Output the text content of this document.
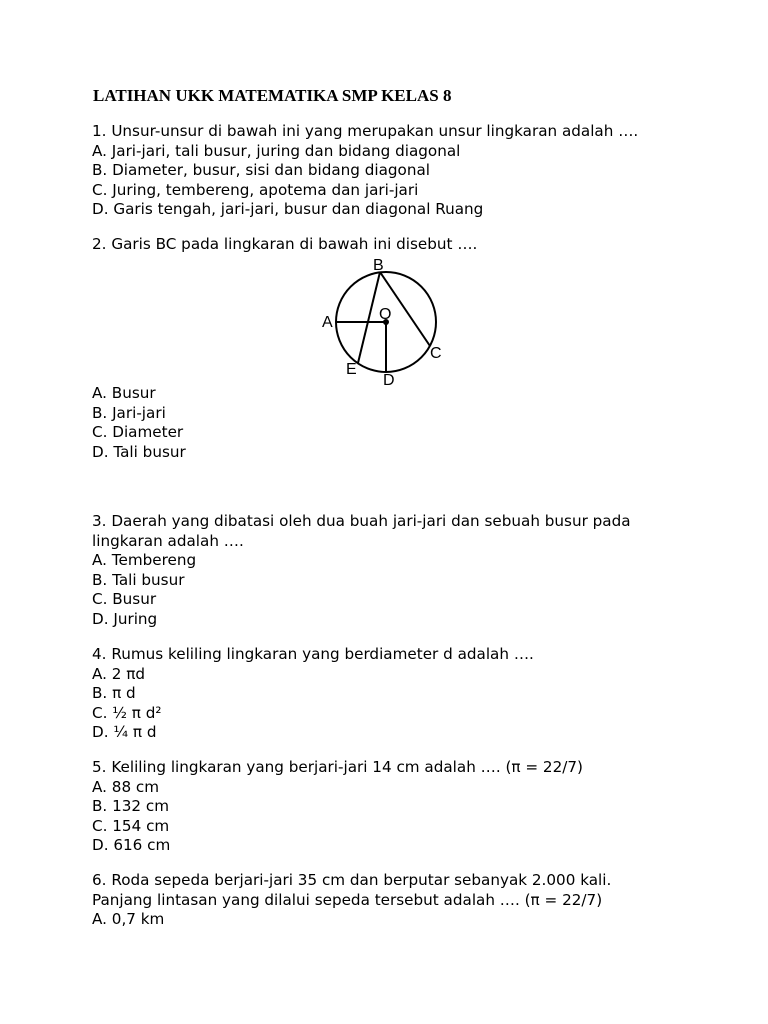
LATIHAN UKK MATEMATIKA SMP KELAS 8
1. Unsur-unsur di bawah ini yang merupakan unsur lingkaran adalah ….
A. Jari-jari, tali busur, juring dan bidang diagonal
B. Diameter, busur, sisi dan bidang diagonal
C. Juring, tembereng, apotema dan jari-jari
D. Garis tengah, jari-jari, busur dan diagonal Ruang
2. Garis BC pada lingkaran di bawah ini disebut ….
B
A	O
C
E
D
A. Busur
B. Jari-jari
C. Diameter
D. Tali busur
3. Daerah yang dibatasi oleh dua buah jari-jari dan sebuah busur pada
lingkaran adalah ….
A. Tembereng
B. Tali busur
C. Busur
D. Juring
4. Rumus keliling lingkaran yang berdiameter d adalah ….
A. 2 πd
B. π d
C. ½ π d²
D. ¼ π d
5. Keliling lingkaran yang berjari-jari 14 cm adalah …. (π = 22/7)
A. 88 cm
B. 132 cm
C. 154 cm
D. 616 cm
6. Roda sepeda berjari-jari 35 cm dan berputar sebanyak 2.000 kali.
Panjang lintasan yang dilalui sepeda tersebut adalah …. (π = 22/7)
A. 0,7 km
